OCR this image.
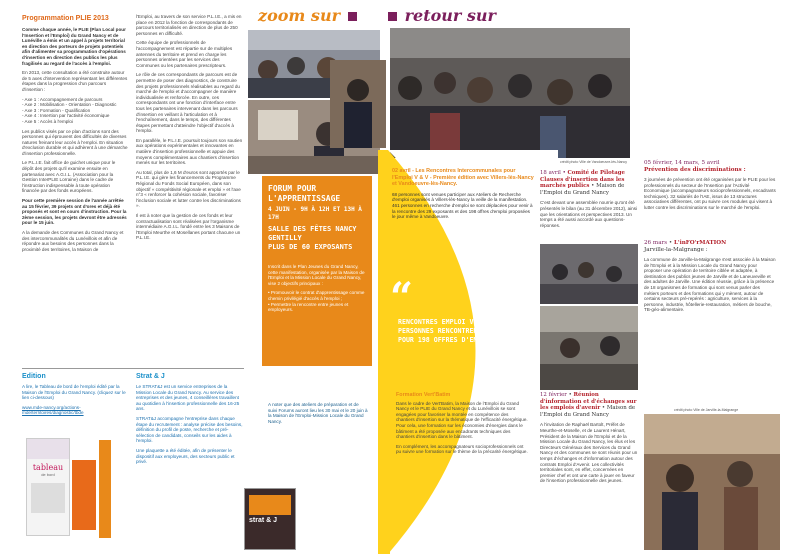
Programmation PLIE 2013

Comme chaque année, le PLIE (Plan Local pour l'Insertion et l'Emploi) du Grand Nancy et de Lunéville a émis et un appel à projets territorial en direction des porteurs de projets potentiels afin d'alimenter sa programmation d'opérations d'insertion en direction des publics les plus fragilisés au regard de l'accès à l'emploi.

En 2013, cette consultation a été construite autour de 5 axes d'intervention représentant les différentes étapes dans la progression d'un parcours d'insertion :

- Axe 1 : Accompagnement de parcours
- Axe 2 : Mobilisation - Orientation - Diagnostic
- Axe 3 : Formation - Qualification
- Axe 4 : Insertion par l'activité économique
- Axe 5 : Accès à l'emploi

Les publics visés par ce plan d'actions sont des personnes qui éprouvent des difficultés de diverses natures freinant leur accès à l'emploi. En situation d'exclusion durable et qui adhèrent à une démarche d'insertion professionnelle.

Le P.L.I.E. fait office de guichet unique pour le dépôt des projets qu'il examine ensuite en partenariat avec A.G.I.L. (Association pour la Gestion InterPLIE Lorraine) dans le cadre de l'instruction indispensable à toute opération financée par des fonds européens.

Pour cette première session de l'année arrêtée au 15 février, 39 projets ont d'ores et déjà été proposés et sont en cours d'instruction. Pour la 2ème session, les projets devront être adressés pour le 15 juin.

A la demande des Communes du Grand Nancy et des intercommunalités du Lunévillois et afin de répondre aux besoins des personnes dans la proximité des territoires, la Maison de

l'Emploi, au travers de son service P.L.I.E., a mis en place en 2012 la fonction de correspondants de parcours territorialisés en direction de plus de 250 personnes en difficulté.

Cette équipe de professionnels de l'accompagnement est répartie sur de multiples antennes du territoire et prend en charge les personnes orientées par les services des Communes ou les partenaires prescripteurs.

Le rôle de ces correspondants de parcours est de permettre de poser des diagnostics, de construire des projets professionnels réalisables au regard du marché de l'emploi et d'accompagner de manière individualisée et renforcée. En outre, ces correspondants ont une fonction d'interface entre tous les partenaires intervenant dans les parcours d'insertion en veillant à l'articulation et à l'enchaînement, dans le temps, des différentes étapes permettant d'atteindre l'objectif d'accès à l'emploi.

En parallèle, le P.L.I.E. poursuit toujours son soutien aux opérations expérimentales et innovantes en matière d'insertion professionnelle et appuie des moyens complémentaires aux chantiers d'insertion menés sur les territoires.

Au total, plus de 1,6 M d'euros sont apportés par le P.L.I.E. qui gère les financements du Programme Régional du Fonds Social Européen, dans son objectif « compétitivité régionale et emploi » et l'axe n°3 « renforcer la cohésion sociale, favoriser l'inclusion sociale et lutter contre les discriminations ».

Il est à noter que la gestion de ces fonds et leur contractualisation sont réalisées par l'organisme intermédiaire A.G.I.L. fondé entre les 3 Maisons de l'Emploi Meurthe et Mosellanes portant chacune un P.L.I.E.

Edition

A lire, le Tableau de bord de l'emploi édité par la Maison de l'Emploi du Grand Nancy. (cliquez sur le lien ci-dessous)

www.mde-nancy.org/actions-mde/territoires/diagnostic/tbde

tableau
de bord
Strat & J

Le STRAT&J est un service entreprises de la Mission Locale du Grand Nancy. Au service des entreprises et des jeunes, 4 conseillères travaillent au quotidien à l'insertion professionnelle des 16-25 ans.

STRAT&J accompagne l'entreprise dans chaque étape du recrutement : analyse précise des besoins, définition du profil de poste, recherche et pré-sélection de candidats, conseils sur les aides à l'emploi.

Une plaquette a été éditée, afin de présenter le dispositif aux employeurs, des secteurs public et privé.

zoom sur
FORUM POUR L'APPRENTISSAGE
4 JUIN - 9H À 12H ET 13H À 17H
SALLE DES FÊTES NANCY GENTILLY
PLUS DE 60 EXPOSANTS

Inscrit dans le Plan Jeunes du Grand Nancy, cette manifestation, organisée par la Maison de l'Emploi et la Mission Locale du Grand Nancy, vise 2 objectifs principaux :

• Promouvoir le contrat d'apprentissage comme chemin privilégié d'accès à l'emploi ;
• Permettre la rencontre entre jeunes et employeurs.

A noter que des ateliers de préparation et de suivi Forums auront lieu les 30 mai et le 20 juin à la Maison de l'Emploi-Mission Locale du Grand Nancy.
strat & J
retour sur
crédit photo Ville de Vandoeuvre-lès-Nancy

02 avril - Les Rencontres Intercommunales pour l'Emploi V & V - Première édition avec Villers-lès-Nancy et Vandoeuvre-lès-Nancy.

68 personnes sont venues participer aux Ateliers de Recherche d'emploi organisés à Villers-lès-Nancy la veille de la manifestation. 461 personnes en recherche d'emploi se sont déplacées pour venir à la rencontre des 29 exposants et des 198 offres d'emploi proposées le jour même à Vandoeuvre.

“
RENCONTRES EMPLOI V & V : 461 PERSONNES RENCONTRENT 29 EXPOSANTS POUR 198 OFFRES D'EMPLOI.

Formation Vert'Batim

Dans le cadre de Vert'Batim, la Maison de l'Emploi du Grand Nancy et le PLIE du Grand Nancy et du Lunévillois se sont engagées pour favoriser la montée en compétence des chantiers d'insertion sur la thématique de l'efficacité énergétique. Pour cela, une formation sur les économies d'énergies dans le bâtiment a été proposée aux encadrants techniques des chantiers d'insertion dans le bâtiment.

En complément, les accompagnateurs socioprofessionnels ont pu suivre une formation sur le thème de la précarité énergétique.

18 avril • Comité de Pilotage Clauses d'insertion dans les marchés publics • Maison de l'Emploi du Grand Nancy

C'est devant une assemblée nourrie qu'ont été présentés le bilan (au 31 décembre 2012), ainsi que les orientations et perspectives 2013. Un temps a été aussi accordé aux questions-réponses.

12 février • Réunion d'information et d'échanges sur les emplois d'avenir • Maison de l'Emploi du Grand Nancy

A l'invitation de Raphaël Bartolt, Préfet de Meurthe-et-Moselle, et de Laurent Hénart, Président de la Maison de l'Emploi et de la Mission Locale du Grand Nancy, les élus et les Directeurs Généraux des Services du Grand Nancy et des communes se sont réunis pour un temps d'échanges et d'information autour des contrats Emploi d'Avenir. Les collectivités territoriales sont, en effet, concernées en premier chef et ont une carte à jouer en faveur de l'insertion professionnelle des jeunes.

05 février, 14 mars, 5 avril

Prévention des discriminations :

3 journées de prévention ont été organisées par le PLIE pour les professionnels du secteur de l'Insertion par l'Activité Economique (accompagnateurs socioprofessionnels, encadrants techniques). 32 salariés de l'IAE, issus de 13 structures associatives différentes, ont pu suivre ces modules qui visent à lutter contre les discriminations sur le marché de l'emploi.

26 mars • L'inFO'rMATION

Jarville-la-Malgrange :

La commune de Jarville-la-Malgrange s'est associée à la Maison de l'Emploi et à la Mission Locale du Grand Nancy pour proposer une opération de territoire ciblée et adaptée, à destination des publics jeunes de Jarville et de Laneuveville et des adultes de Jarville. Une édition réussie, grâce à la présence de 18 organismes de formation qui sont venus parler des métiers porteurs et des formations qui y mènent, autour de certains secteurs pré-repérés : agriculture, services à la personne, industrie, hôtellerie-restauration, métiers de bouche, TB-géo-alimentaire.

crédit photo Ville de Jarville-la-Malgrange
